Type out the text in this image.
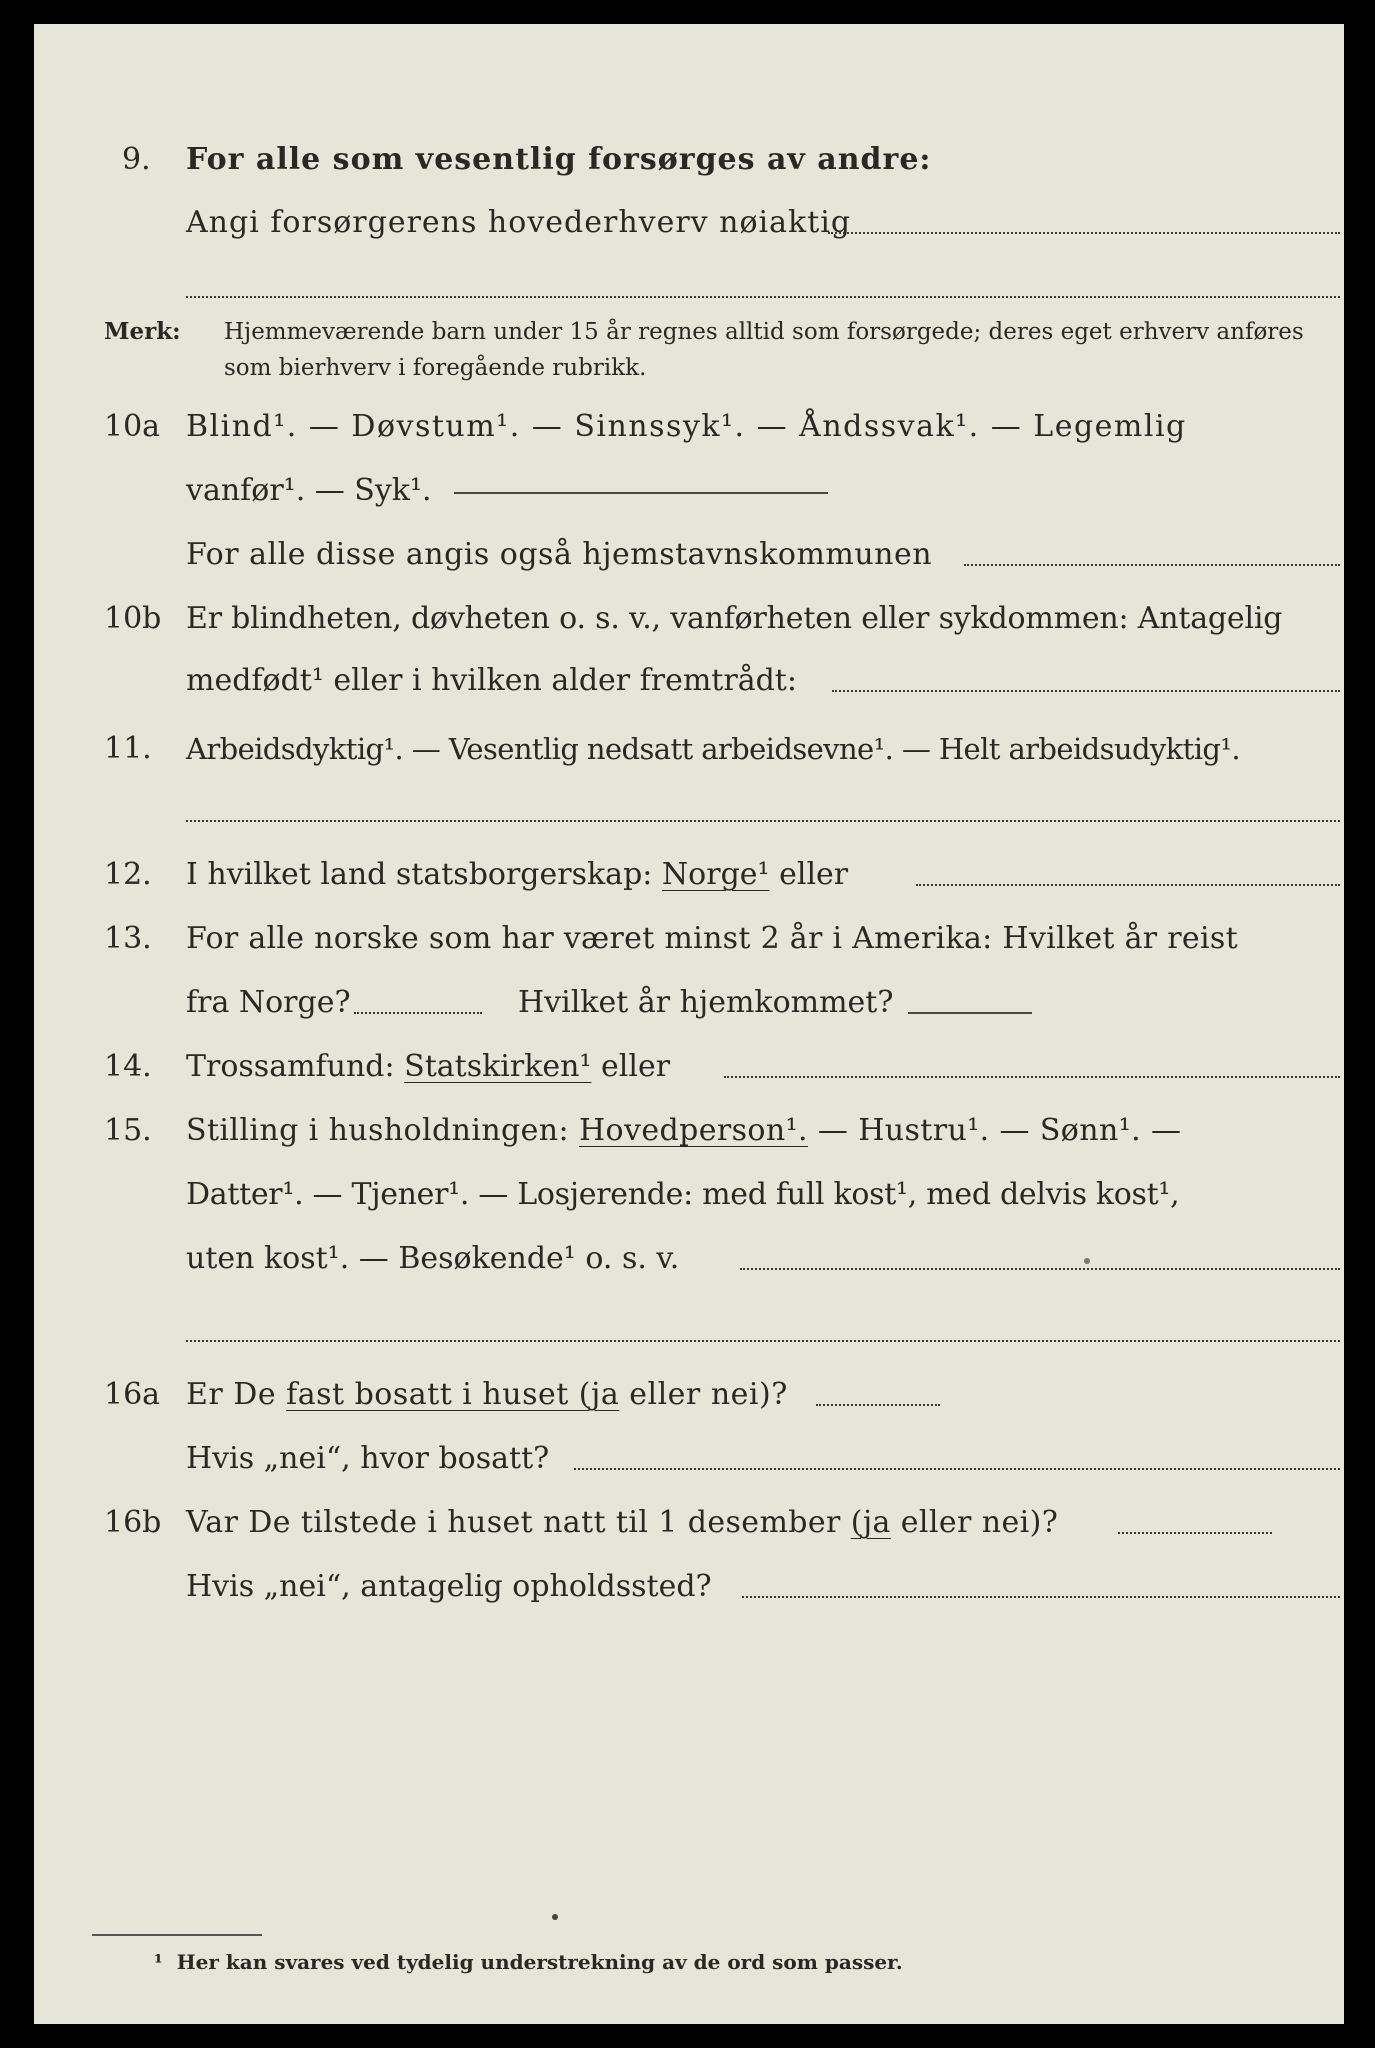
9. For alle som vesentlig forsørges av andre:
Angi forsørgerens hovederhverv nøiaktig
Merk: Hjemmeværende barn under 15 år regnes alltid som forsørgede; deres eget erhverv anføres som bierhverv i foregående rubrikk.
10a Blind¹. — Døvstum¹. — Sinnssyk¹. — Åndssvak¹. — Legemlig
vanfør¹. — Syk¹.
For alle disse angis også hjemstavnskommunen
10b Er blindheten, døvheten o. s. v., vanførheten eller sykdommen: Antagelig
medfødt¹ eller i hvilken alder fremtrådt:
11. Arbeidsdyktig¹. — Vesentlig nedsatt arbeidsevne¹. — Helt arbeidsudyktig¹.
12. I hvilket land statsborgerskap: Norge¹ eller
13. For alle norske som har været minst 2 år i Amerika: Hvilket år reist
fra Norge?	Hvilket år hjemkommet?
14. Trossamfund: Statskirken¹ eller
15. Stilling i husholdningen: Hovedperson¹. — Hustru¹. — Sønn¹. —
Datter¹. — Tjener¹. — Losjerende: med full kost¹, med delvis kost¹,
uten kost¹. — Besøkende¹ o. s. v.
16a Er De fast bosatt i huset (ja eller nei)?
Hvis „nei“, hvor bosatt?
16b Var De tilstede i huset natt til 1 desember (ja eller nei)?
Hvis „nei“, antagelig opholdssted?
¹ Her kan svares ved tydelig understrekning av de ord som passer.
